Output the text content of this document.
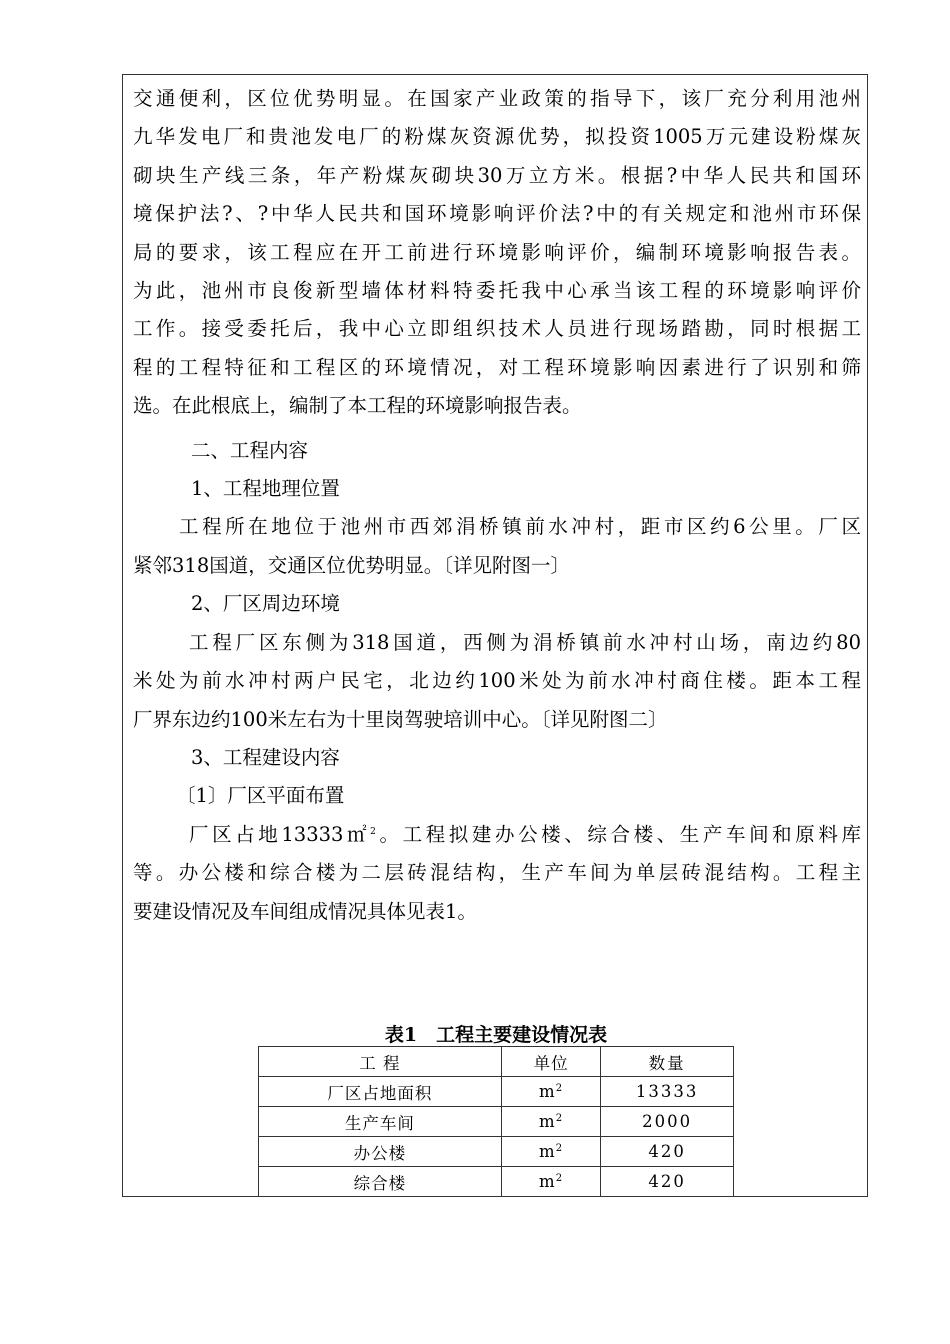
交通便利，区位优势明显。在国家产业政策的指导下，该厂充分利用池州

九华发电厂和贵池发电厂的粉煤灰资源优势，拟投资1005万元建设粉煤灰

砌块生产线三条，年产粉煤灰砌块30万立方米。根据?中华人民共和国环

境保护法?、?中华人民共和国环境影响评价法?中的有关规定和池州市环保

局的要求，该工程应在开工前进行环境影响评价，编制环境影响报告表。

为此，池州市良俊新型墙体材料特委托我中心承当该工程的环境影响评价

工作。接受委托后，我中心立即组织技术人员进行现场踏勘，同时根据工

程的工程特征和工程区的环境情况，对工程环境影响因素进行了识别和筛

选。在此根底上，编制了本工程的环境影响报告表。

二、工程内容

1、工程地理位置

工程所在地位于池州市西郊涓桥镇前水冲村，距市区约6公里。厂区

紧邻318国道，交通区位优势明显。〔详见附图一〕

2、厂区周边环境

工程厂区东侧为318国道，西侧为涓桥镇前水冲村山场，南边约80

米处为前水冲村两户民宅，北边约100米处为前水冲村商住楼。距本工程

厂界东边约100米左右为十里岗驾驶培训中心。〔详见附图二〕

3、工程建设内容

〔1〕厂区平面布置

厂区占地13333㎡$^2$。工程拟建办公楼、综合楼、生产车间和原料库

等。办公楼和综合楼为二层砖混结构，生产车间为单层砖混结构。工程主

要建设情况及车间组成情况具体见表1。

表1　工程主要建设情况表
工 程	单位	数量
厂区占地面积	$m^2$	13333
生产车间	$m^2$	2000
办公楼	$m^2$	420
综合楼	$m^2$	420
